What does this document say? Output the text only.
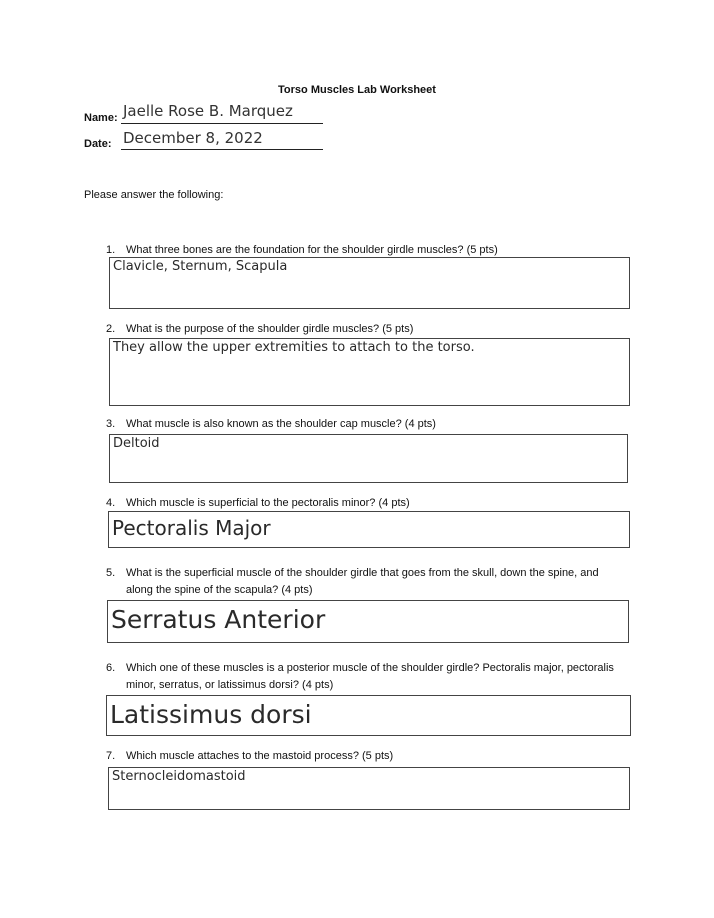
Torso Muscles Lab Worksheet
Name: Jaelle Rose B. Marquez
Date: December 8, 2022
Please answer the following:
1. What three bones are the foundation for the shoulder girdle muscles? (5 pts)
Clavicle, Sternum, Scapula
2. What is the purpose of the shoulder girdle muscles? (5 pts)
They allow the upper extremities to attach to the torso.
3. What muscle is also known as the shoulder cap muscle? (4 pts)
Deltoid
4. Which muscle is superficial to the pectoralis minor? (4 pts)
Pectoralis Major
5. What is the superficial muscle of the shoulder girdle that goes from the skull, down the spine, and along the spine of the scapula? (4 pts)
Serratus Anterior
6. Which one of these muscles is a posterior muscle of the shoulder girdle? Pectoralis major, pectoralis minor, serratus, or latissimus dorsi? (4 pts)
Latissimus dorsi
7. Which muscle attaches to the mastoid process? (5 pts)
Sternocleidomastoid
